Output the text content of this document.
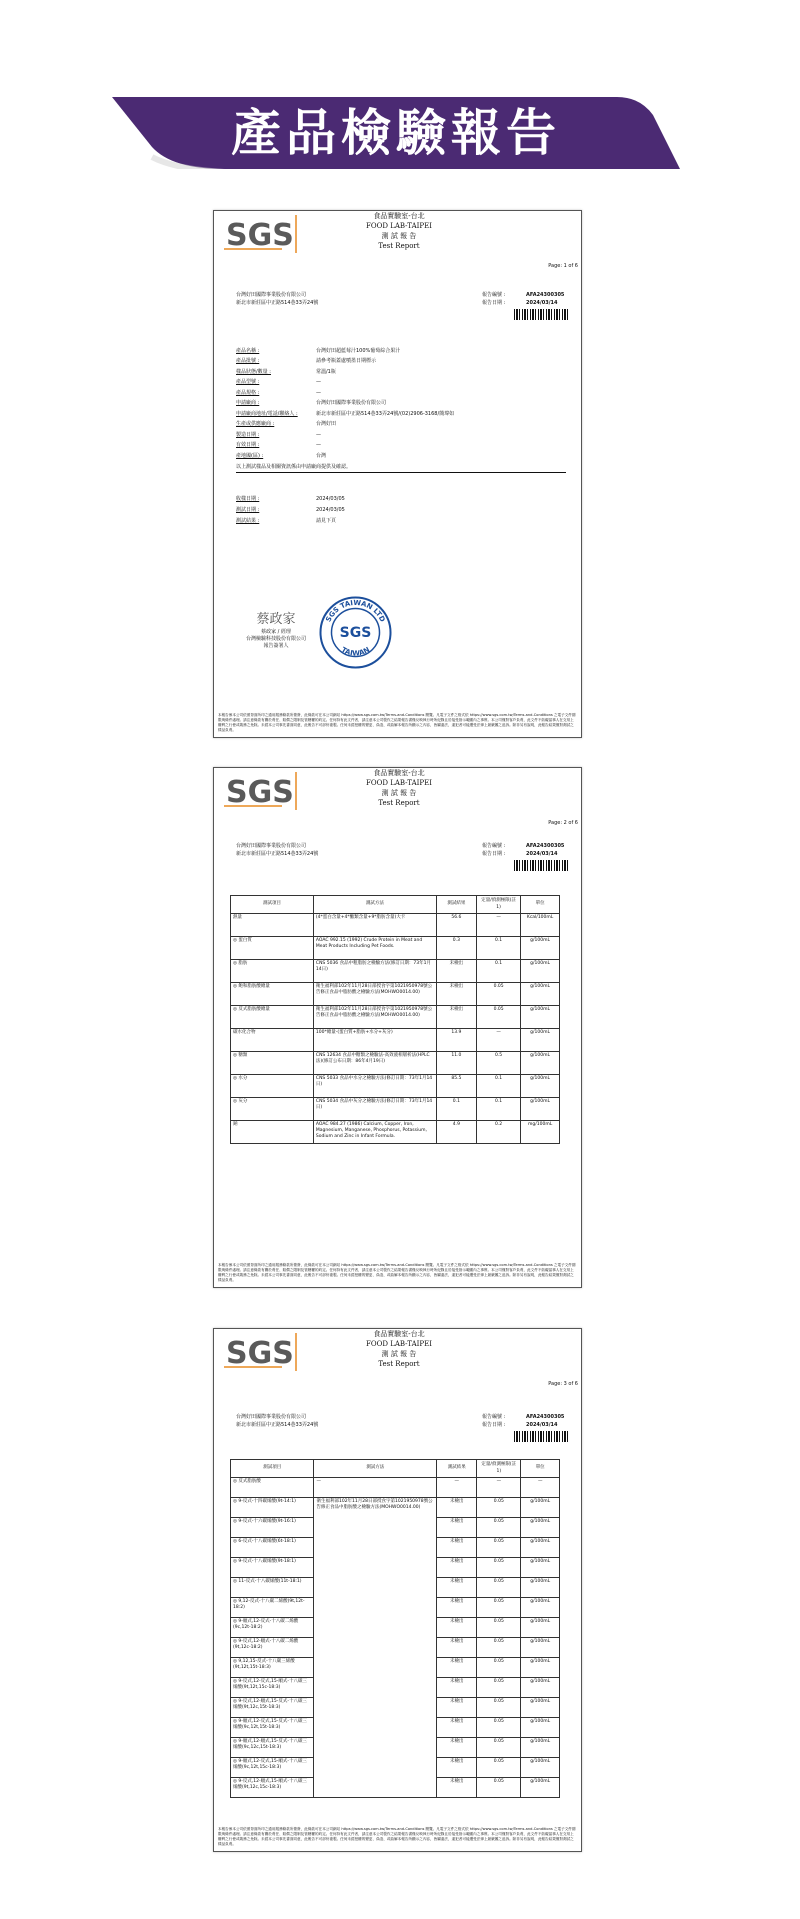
產品檢驗報告
SGS
食品實驗室-台北
FOOD LAB-TAIPEI
測 試 報 告
Test Report
Page: 1 of 6
台灣好田國際事業股份有限公司
新北市新莊區中正路514巷33弄24號
報告編號 :	AFA24300305
報告日期 :	2024/03/14
產品名稱 :	台灣好田超藍莓汁100%葡萄綜合果汁
產品批號 :	請參考瓶蓋處噴墨日期標示
樣品狀態/數量 :	常溫/1瓶
產品型號 :	—
產品規格 :	—
申請廠商 :	台灣好田國際事業股份有限公司
申請廠商地址/電話/聯絡人 :	新北市新莊區中正路514巷33弄24號/(02)2906-3168/簡瑋如
生產或供應廠商 :	台灣好田
製造日期 :	—
有效日期 :	—
產地國(區) :	台灣
以上測試樣品及相關資訊係由申請廠商提供及確認。
收樣日期 :	2024/03/05
測試日期 :	2024/03/05
測試結果 :	請見下頁
蔡政家
蔡政家 / 經理
台灣檢驗科技股份有限公司
報告簽署人
SGS TAIWAN LTD
TAIWAN
SGS
本報告係本公司依照背面所印之通用服務條款所簽發，此條款可在本公司網站 https://www.sgs.com.tw/Terms-and-Conditions 閱覽。凡電子文件之格式依 https://www.sgs.com.tw/Terms-and-Conditions 之電子文件期限與條件處理。請注意條款有關於責任、賠償之限制及管轄權的約定。任何持有此文件者，請注意本公司製作之結果報告書僅反映執行時所紀錄且於接受指示範圍內之事實。本公司僅對客戶負責，此文件不妨礙當事人在交易上權利之行使或義務之免除。未經本公司事先書面同意，此報告不可部份複製。任何未經授權的變更、偽造、或曲解本報告所顯示之內容，皆屬違法，違犯者可能遭受法律上最嚴厲之追訴。除非另有說明，此報告結果僅對測試之樣品負責。
SGS
食品實驗室-台北
FOOD LAB-TAIPEI
測 試 報 告
Test Report
Page: 2 of 6
台灣好田國際事業股份有限公司
新北市新莊區中正路514巷33弄24號
報告編號 :	AFA24300305
報告日期 :	2024/03/14
測試項目	測試方法	測試結果	定量/偵測極限(註1)	單位
熱量	(4*蛋白含量+4*醣類含量+9*脂肪含量)大卡	56.6	—	Kcal/100mL
◎ 蛋白質	AOAC 992.15 (1992) Crude Protein in Meat and Meat Products Including Pet Foods.	0.3	0.1	g/100mL
◎ 脂肪	CNS 5036 食品中粗脂肪之檢驗方法(修訂日期：73年1月14日)	未檢出	0.1	g/100mL
◎ 飽和脂肪酸總量	衛生福利部102年11月28日部授食字第1021950978號公告修正食品中脂肪酸之檢驗方法(MOHWO0014.00)	未檢出	0.05	g/100mL
◎ 反式脂肪酸總量	衛生福利部102年11月28日部授食字第1021950978號公告修正食品中脂肪酸之檢驗方法(MOHWO0014.00)	未檢出	0.05	g/100mL
碳水化合物	100*總量-(蛋白質+脂肪+水分+灰分)	13.9	—	g/100mL
◎ 糖類	CNS 12634 食品中糖類之檢驗法-高效液相層析法(HPLC法)(修訂公布日期：86年4月19日)	11.0	0.5	g/100mL
◎ 水分	CNS 5033 食品中水分之檢驗方法(修訂日期：73年1月14日)	85.5	0.1	g/100mL
◎ 灰分	CNS 5034 食品中灰分之檢驗方法(修訂日期：73年1月14日)	0.1	0.1	g/100mL
鈉	AOAC 984.27 (1986) Calcium, Copper, Iron, Magnesium, Manganese, Phosphorus, Potassium, Sodium and Zinc in Infant Formula.	4.9	0.2	mg/100mL
本報告係本公司依照背面所印之通用服務條款所簽發，此條款可在本公司網站 https://www.sgs.com.tw/Terms-and-Conditions 閱覽。凡電子文件之格式依 https://www.sgs.com.tw/Terms-and-Conditions 之電子文件期限與條件處理。請注意條款有關於責任、賠償之限制及管轄權的約定。任何持有此文件者，請注意本公司製作之結果報告書僅反映執行時所紀錄且於接受指示範圍內之事實。本公司僅對客戶負責，此文件不妨礙當事人在交易上權利之行使或義務之免除。未經本公司事先書面同意，此報告不可部份複製。任何未經授權的變更、偽造、或曲解本報告所顯示之內容，皆屬違法，違犯者可能遭受法律上最嚴厲之追訴。除非另有說明，此報告結果僅對測試之樣品負責。
SGS
食品實驗室-台北
FOOD LAB-TAIPEI
測 試 報 告
Test Report
Page: 3 of 6
台灣好田國際事業股份有限公司
新北市新莊區中正路514巷33弄24號
報告編號 :	AFA24300305
報告日期 :	2024/03/14
測試項目	測試方法	測試結果	定量/偵測極限(註1)	單位
◎ 反式脂肪酸	—	—	—	—
◎ 9-反式-十四碳烯酸(9t-14:1)	衛生福利部102年11月28日部授食字第1021950978號公告修正食品中脂肪酸之檢驗方法(MOHWO0014.00)	未檢出	0.05	g/100mL
◎ 9-反式-十六碳烯酸(9t-16:1)		未檢出	0.05	g/100mL
◎ 6-反式-十八碳烯酸(6t-18:1)		未檢出	0.05	g/100mL
◎ 9-反式-十八碳烯酸(9t-18:1)		未檢出	0.05	g/100mL
◎ 11-反式-十八碳烯酸(11t-18:1)		未檢出	0.05	g/100mL
◎ 9,12-反式-十八碳二烯酸(9t,12t-18:2)		未檢出	0.05	g/100mL
◎ 9-順式,12-反式-十八碳二烯酸(9c,12t-18:2)		未檢出	0.05	g/100mL
◎ 9-反式,12-順式-十八碳二烯酸(9t,12c-18:2)		未檢出	0.05	g/100mL
◎ 9,12,15-反式-十八碳三烯酸(9t,12t,15t-18:3)		未檢出	0.05	g/100mL
◎ 9-反式,12-反式,15-順式-十八碳三烯酸(9t,12t,15c-18:3)		未檢出	0.05	g/100mL
◎ 9-反式,12-順式,15-反式-十八碳三烯酸(9t,12c,15t-18:3)		未檢出	0.05	g/100mL
◎ 9-順式,12-反式,15-反式-十八碳三烯酸(9c,12t,15t-18:3)		未檢出	0.05	g/100mL
◎ 9-順式,12-順式,15-反式-十八碳三烯酸(9c,12c,15t-18:3)		未檢出	0.05	g/100mL
◎ 9-順式,12-反式,15-順式-十八碳三烯酸(9c,12t,15c-18:3)		未檢出	0.05	g/100mL
◎ 9-反式,12-順式,15-順式-十八碳三烯酸(9t,12c,15c-18:3)		未檢出	0.05	g/100mL
本報告係本公司依照背面所印之通用服務條款所簽發，此條款可在本公司網站 https://www.sgs.com.tw/Terms-and-Conditions 閱覽。凡電子文件之格式依 https://www.sgs.com.tw/Terms-and-Conditions 之電子文件期限與條件處理。請注意條款有關於責任、賠償之限制及管轄權的約定。任何持有此文件者，請注意本公司製作之結果報告書僅反映執行時所紀錄且於接受指示範圍內之事實。本公司僅對客戶負責，此文件不妨礙當事人在交易上權利之行使或義務之免除。未經本公司事先書面同意，此報告不可部份複製。任何未經授權的變更、偽造、或曲解本報告所顯示之內容，皆屬違法，違犯者可能遭受法律上最嚴厲之追訴。除非另有說明，此報告結果僅對測試之樣品負責。
